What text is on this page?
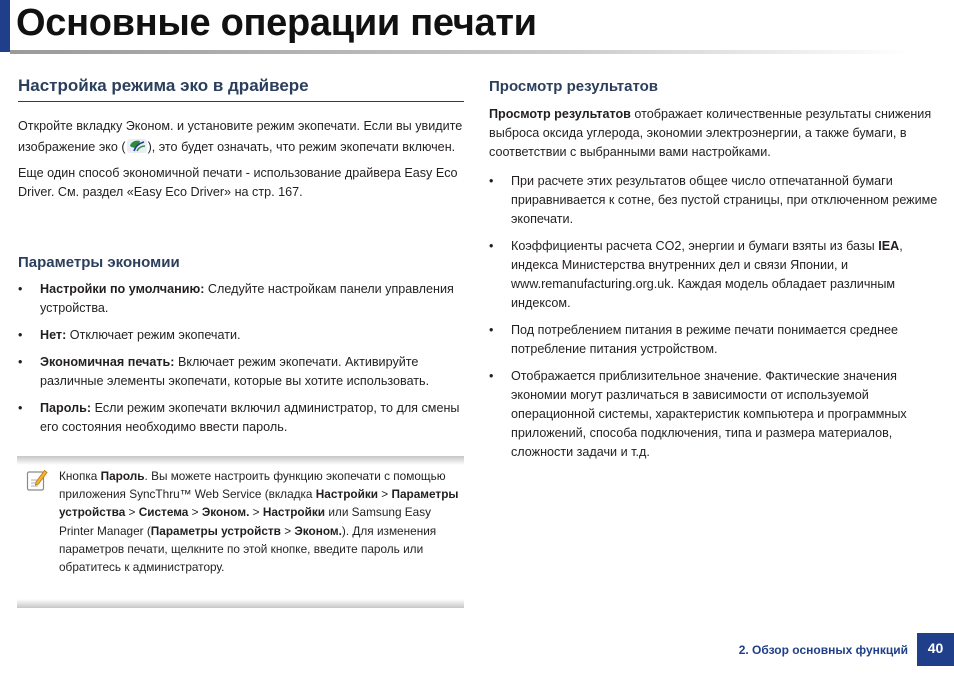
Основные операции печати
Настройка режима эко в драйвере

Откройте вкладку Эконом. и установите режим экопечати. Если вы увидите изображение эко ( ), это будет означать, что режим экопечати включен.

Еще один способ экономичной печати - использование драйвера Easy Eco Driver. См. раздел «Easy Eco Driver» на стр. 167.

Параметры экономии
• Настройки по умолчанию: Следуйте настройкам панели управления устройства.
• Нет: Отключает режим экопечати.
• Экономичная печать: Включает режим экопечати. Активируйте различные элементы экопечати, которые вы хотите использовать.
• Пароль: Если режим экопечати включил администратор, то для смены его состояния необходимо ввести пароль.
Кнопка Пароль. Вы можете настроить функцию экопечати с помощью приложения SyncThru™ Web Service (вкладка Настройки > Параметры устройства > Система > Эконом. > Настройки или Samsung Easy Printer Manager (Параметры устройств > Эконом.). Для изменения параметров печати, щелкните по этой кнопке, введите пароль или обратитесь к администратору.
Просмотр результатов

Просмотр результатов отображает количественные результаты снижения выброса оксида углерода, экономии электроэнергии, а также бумаги, в соответствии с выбранными вами настройками.

• При расчете этих результатов общее число отпечатанной бумаги приравнивается к сотне, без пустой страницы, при отключенном режиме экопечати.
• Коэффициенты расчета CO2, энергии и бумаги взяты из базы IEA, индекса Министерства внутренних дел и связи Японии, и www.remanufacturing.org.uk. Каждая модель обладает различным индексом.
• Под потреблением питания в режиме печати понимается среднее потребление питания устройством.
• Отображается приблизительное значение. Фактические значения экономии могут различаться в зависимости от используемой операционной системы, характеристик компьютера и программных приложений, способа подключения, типа и размера материалов, сложности задачи и т.д.
2. Обзор основных функций	40
